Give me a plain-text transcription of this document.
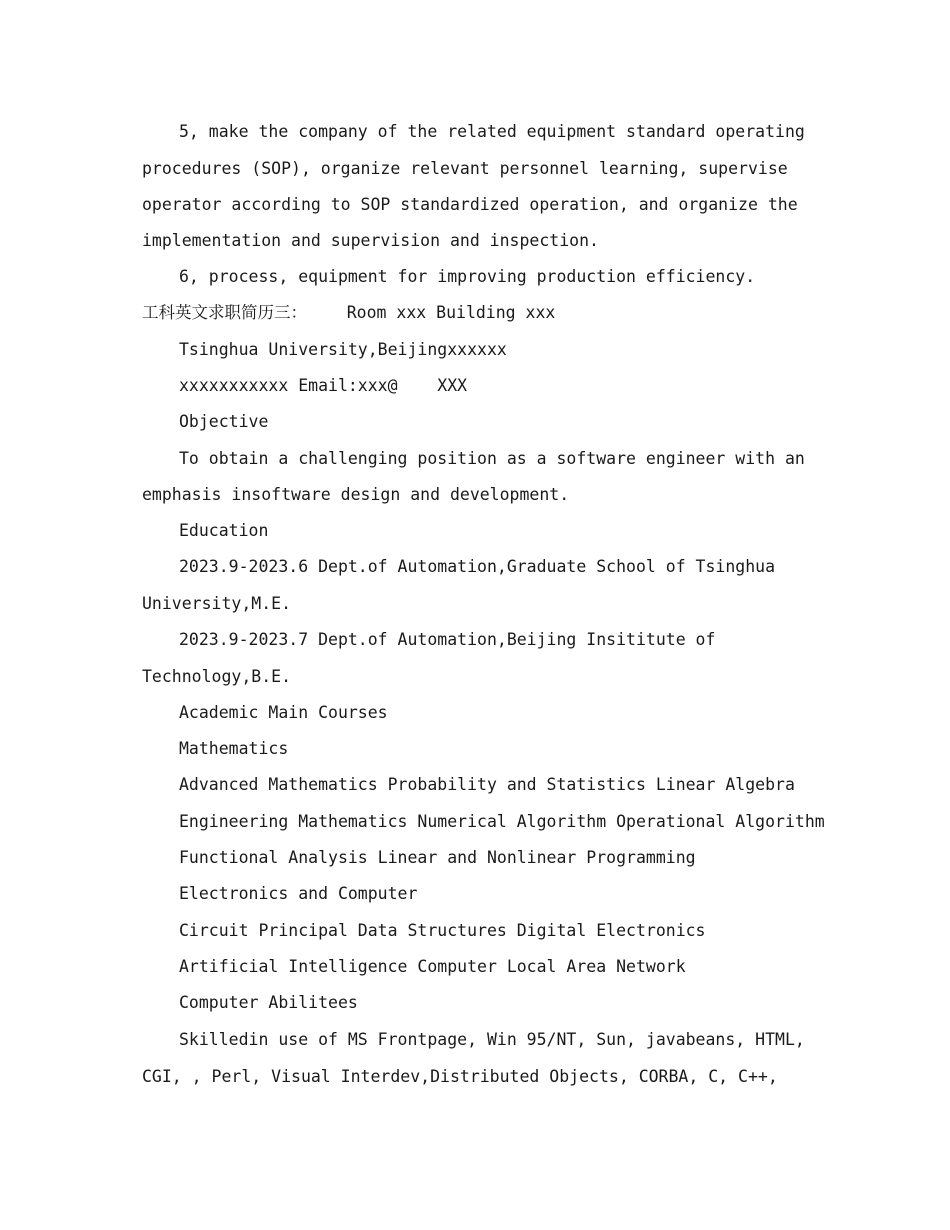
5, make the company of the related equipment standard operating

procedures (SOP), organize relevant personnel learning, supervise

operator according to SOP standardized operation, and organize the

implementation and supervision and inspection.

6, process, equipment for improving production efficiency.

工科英文求职简历三：    Room xxx Building xxx

Tsinghua University,Beijingxxxxxx

xxxxxxxxxxx Email:xxx@    XXX

Objective

To obtain a challenging position as a software engineer with an

emphasis insoftware design and development.

Education

2023.9-2023.6 Dept.of Automation,Graduate School of Tsinghua

University,M.E.

2023.9-2023.7 Dept.of Automation,Beijing Insititute of

Technology,B.E.

Academic Main Courses

Mathematics

Advanced Mathematics Probability and Statistics Linear Algebra

Engineering Mathematics Numerical Algorithm Operational Algorithm

Functional Analysis Linear and Nonlinear Programming

Electronics and Computer

Circuit Principal Data Structures Digital Electronics

Artificial Intelligence Computer Local Area Network

Computer Abilitees

Skilledin use of MS Frontpage, Win 95/NT, Sun, javabeans, HTML,

CGI, , Perl, Visual Interdev,Distributed Objects, CORBA, C, C++,
